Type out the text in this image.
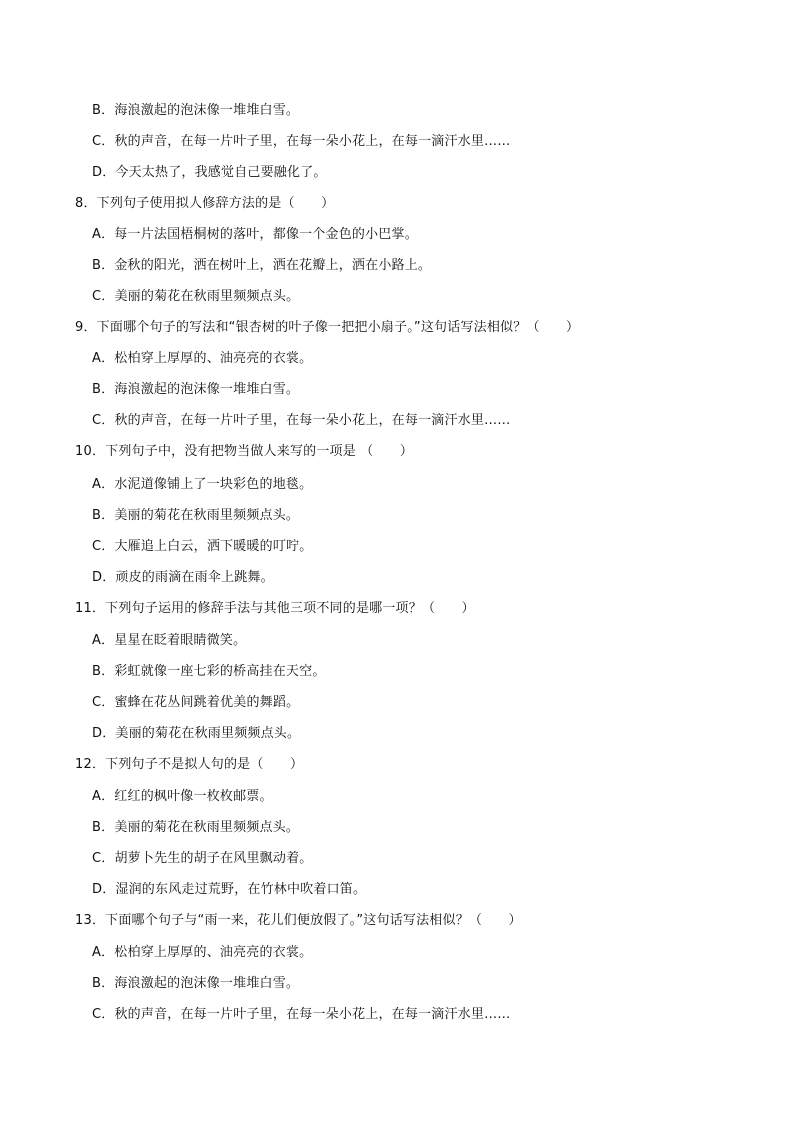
B．海浪激起的泡沫像一堆堆白雪。
C．秋的声音，在每一片叶子里，在每一朵小花上，在每一滴汗水里……
D．今天太热了，我感觉自己要融化了。
8．下列句子使用拟人修辞方法的是（　　）
A．每一片法国梧桐树的落叶，都像一个金色的小巴掌。
B．金秋的阳光，洒在树叶上，洒在花瓣上，洒在小路上。
C．美丽的菊花在秋雨里频频点头。
9．下面哪个句子的写法和“银杏树的叶子像一把把小扇子。”这句话写法相似？（　　）
A．松柏穿上厚厚的、油亮亮的衣裳。
B．海浪激起的泡沫像一堆堆白雪。
C．秋的声音，在每一片叶子里，在每一朵小花上，在每一滴汗水里……
10．下列句子中，没有把物当做人来写的一项是 （　　）
A．水泥道像铺上了一块彩色的地毯。
B．美丽的菊花在秋雨里频频点头。
C．大雁追上白云，洒下暖暖的叮咛。
D．顽皮的雨滴在雨伞上跳舞。
11．下列句子运用的修辞手法与其他三项不同的是哪一项？（　　）
A．星星在眨着眼睛微笑。
B．彩虹就像一座七彩的桥高挂在天空。
C．蜜蜂在花丛间跳着优美的舞蹈。
D．美丽的菊花在秋雨里频频点头。
12．下列句子不是拟人句的是（　　）
A．红红的枫叶像一枚枚邮票。
B．美丽的菊花在秋雨里频频点头。
C．胡萝卜先生的胡子在风里飘动着。
D．湿润的东风走过荒野，在竹林中吹着口笛。
13．下面哪个句子与“雨一来，花儿们便放假了。”这句话写法相似？（　　）
A．松柏穿上厚厚的、油亮亮的衣裳。
B．海浪激起的泡沫像一堆堆白雪。
C．秋的声音，在每一片叶子里，在每一朵小花上，在每一滴汗水里……
